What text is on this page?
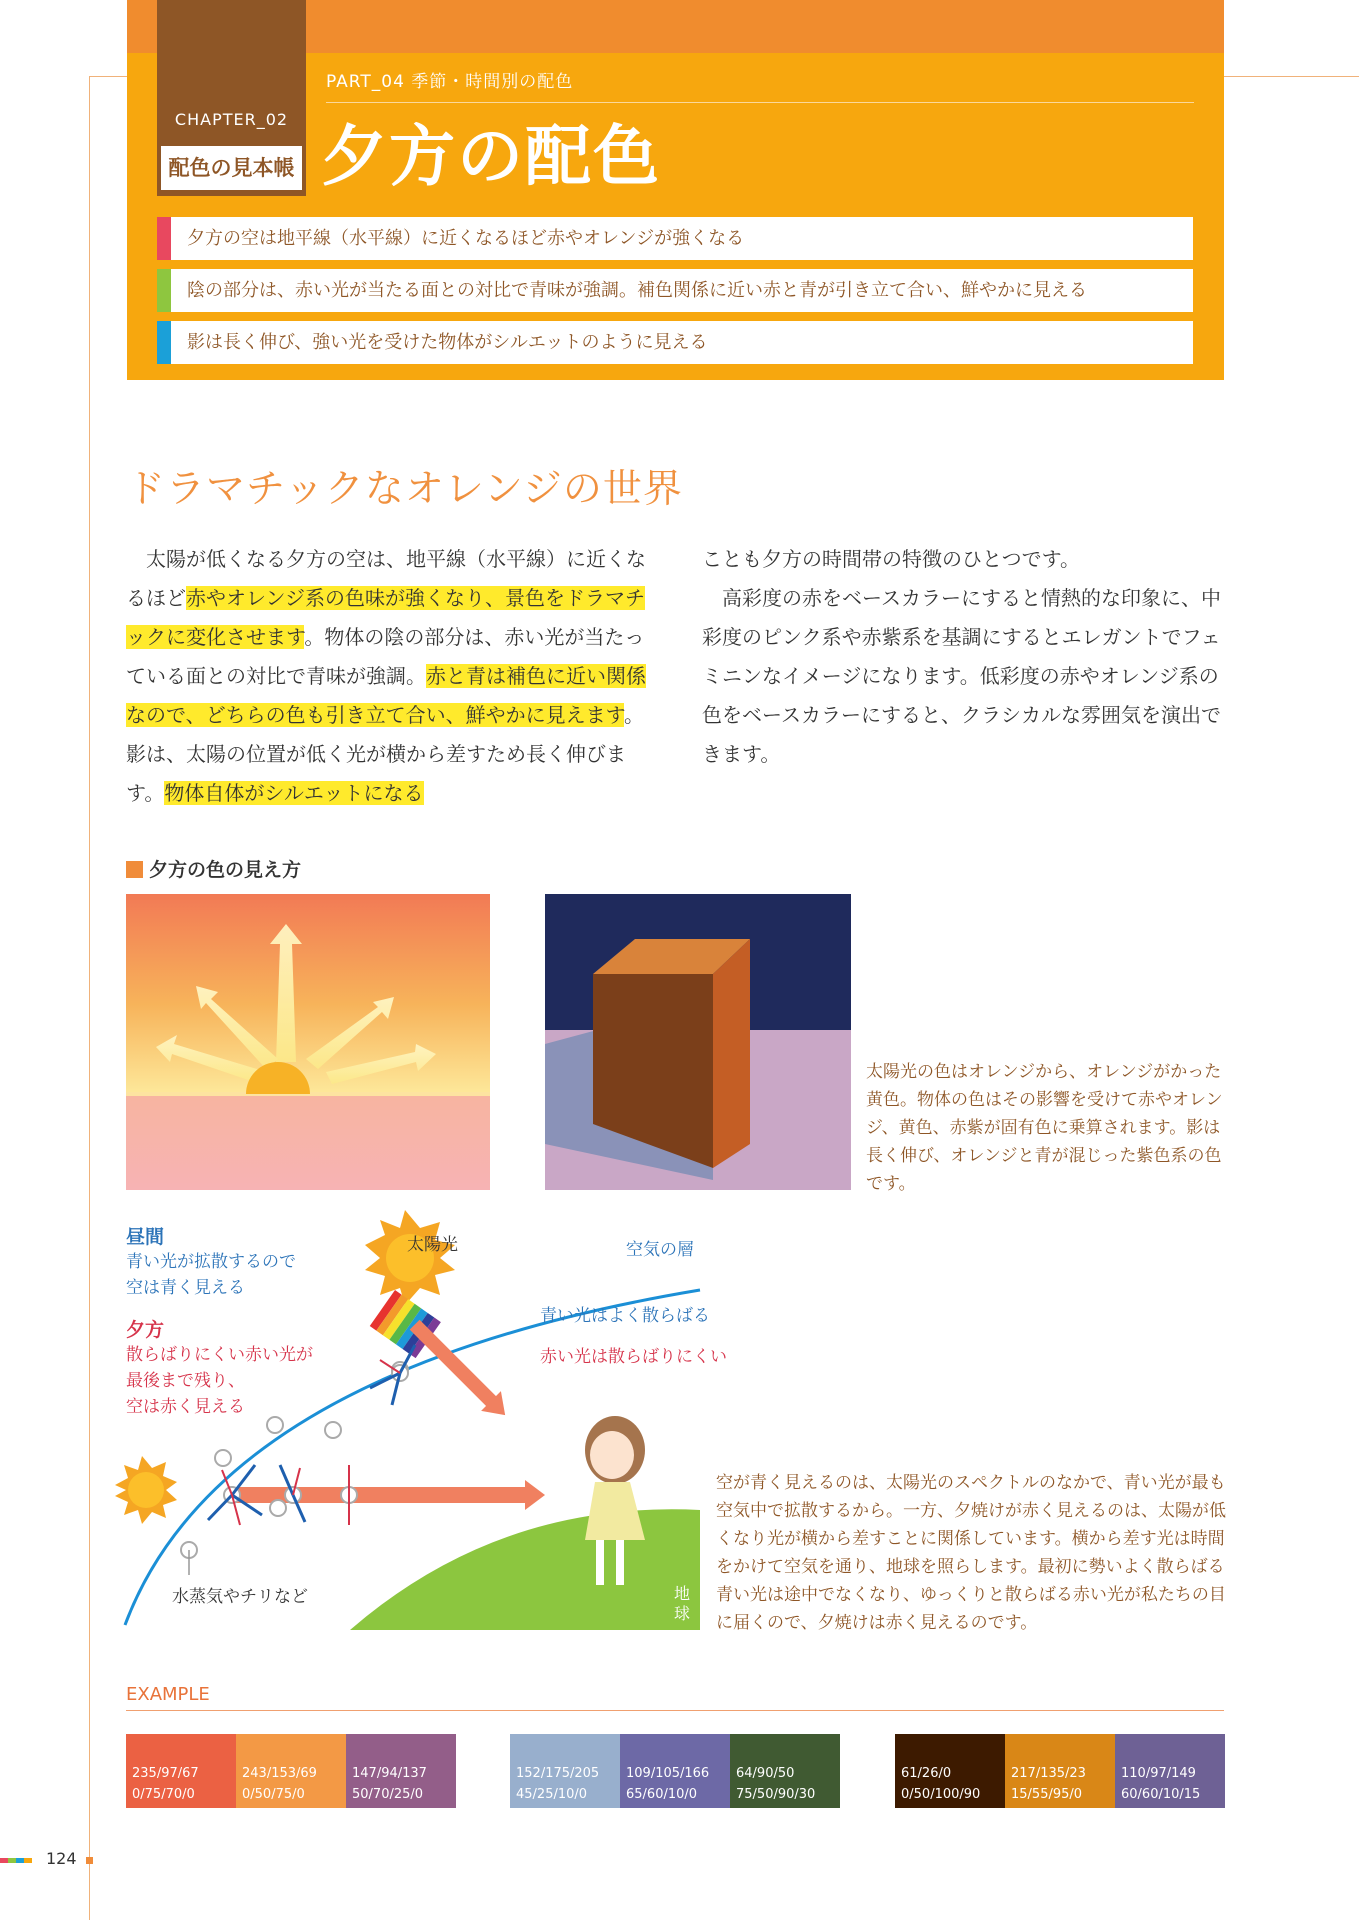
CHAPTER_02
配色の見本帳
PART_04 季節・時間別の配色
夕方の配色
夕方の空は地平線（水平線）に近くなるほど赤やオレンジが強くなる
陰の部分は、赤い光が当たる面との対比で青味が強調。補色関係に近い赤と青が引き立て合い、鮮やかに見える
影は長く伸び、強い光を受けた物体がシルエットのように見える
ドラマチックなオレンジの世界
太陽が低くなる夕方の空は、地平線（水平線）に近くなるほど赤やオレンジ系の色味が強くなり、景色をドラマチックに変化させます。物体の陰の部分は、赤い光が当たっている面との対比で青味が強調。赤と青は補色に近い関係なので、どちらの色も引き立て合い、鮮やかに見えます。影は、太陽の位置が低く光が横から差すため長く伸びます。物体自体がシルエットになる
ことも夕方の時間帯の特徴のひとつです。
高彩度の赤をベースカラーにすると情熱的な印象に、中彩度のピンク系や赤紫系を基調にするとエレガントでフェミニンなイメージになります。低彩度の赤やオレンジ系の色をベースカラーにすると、クラシカルな雰囲気を演出できます。
夕方の色の見え方
太陽光の色はオレンジから、オレンジがかった黄色。物体の色はその影響を受けて赤やオレンジ、黄色、赤紫が固有色に乗算されます。影は長く伸び、オレンジと青が混じった紫色系の色です。
昼間
青い光が拡散するので
空は青く見える
夕方
散らばりにくい赤い光が
最後まで残り、
空は赤く見える
太陽光	空気の層
青い光はよく散らばる
赤い光は散らばりにくい
水蒸気やチリなど	地球
空が青く見えるのは、太陽光のスペクトルのなかで、青い光が最も空気中で拡散するから。一方、夕焼けが赤く見えるのは、太陽が低くなり光が横から差すことに関係しています。横から差す光は時間をかけて空気を通り、地球を照らします。最初に勢いよく散らばる青い光は途中でなくなり、ゆっくりと散らばる赤い光が私たちの目に届くので、夕焼けは赤く見えるのです。
EXAMPLE
235/97/67
0/75/70/0
243/153/69
0/50/75/0
147/94/137
50/70/25/0
152/175/205
45/25/10/0
109/105/166
65/60/10/0
64/90/50
75/50/90/30
61/26/0
0/50/100/90
217/135/23
15/55/95/0
110/97/149
60/60/10/15
124
